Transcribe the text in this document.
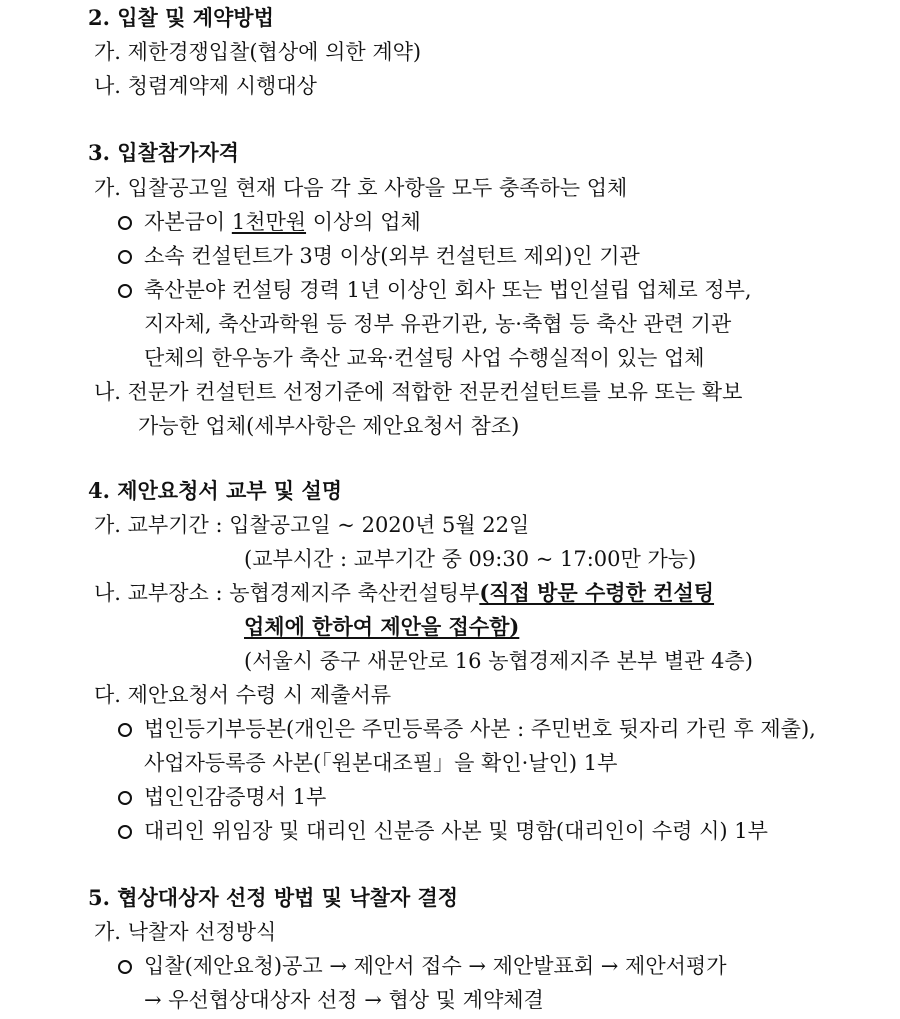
2. 입찰 및 계약방법
가. 제한경쟁입찰(협상에 의한 계약)
나. 청렴계약제 시행대상
3. 입찰참가자격
가. 입찰공고일 현재 다음 각 호 사항을 모두 충족하는 업체
자본금이 1천만원 이상의 업체
소속 컨설턴트가 3명 이상(외부 컨설턴트 제외)인 기관
축산분야 컨설팅 경력 1년 이상인 회사 또는 법인설립 업체로 정부,
지자체, 축산과학원 등 정부 유관기관, 농·축협 등 축산 관련 기관
단체의 한우농가 축산 교육·컨설팅 사업 수행실적이 있는 업체
나. 전문가 컨설턴트 선정기준에 적합한 전문컨설턴트를 보유 또는 확보
가능한 업체(세부사항은 제안요청서 참조)
4. 제안요청서 교부 및 설명
가. 교부기간 : 입찰공고일 ~ 2020년 5월 22일
(교부시간 : 교부기간 중 09:30 ~ 17:00만 가능)
나. 교부장소 : 농협경제지주 축산컨설팅부(직접 방문 수령한 컨설팅
업체에 한하여 제안을 접수함)
(서울시 중구 새문안로 16 농협경제지주 본부 별관 4층)
다. 제안요청서 수령 시 제출서류
법인등기부등본(개인은 주민등록증 사본 : 주민번호 뒷자리 가린 후 제출),
사업자등록증 사본(「원본대조필」을 확인·날인) 1부
법인인감증명서 1부
대리인 위임장 및 대리인 신분증 사본 및 명함(대리인이 수령 시) 1부
5. 협상대상자 선정 방법 및 낙찰자 결정
가. 낙찰자 선정방식
입찰(제안요청)공고 → 제안서 접수 → 제안발표회 → 제안서평가
→ 우선협상대상자 선정 → 협상 및 계약체결
